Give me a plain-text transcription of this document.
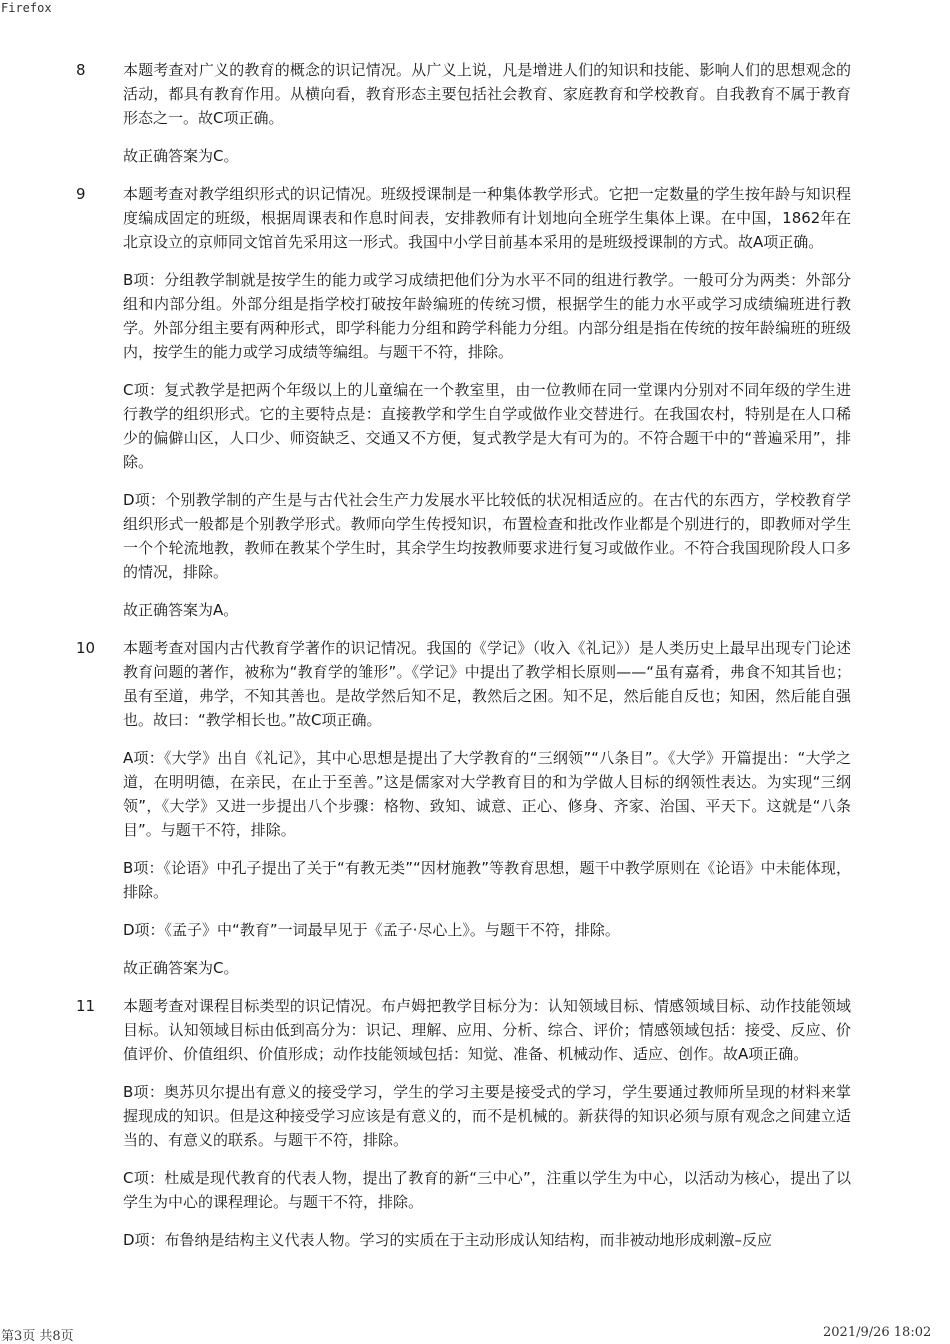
Firefox
8 本题考查对广义的教育的概念的识记情况。从广义上说，凡是增进人们的知识和技能、影响人们的思想观念的活动，都具有教育作用。从横向看，教育形态主要包括社会教育、家庭教育和学校教育。自我教育不属于教育形态之一。故C项正确。

故正确答案为C。

9 本题考查对教学组织形式的识记情况。班级授课制是一种集体教学形式。它把一定数量的学生按年龄与知识程度编成固定的班级，根据周课表和作息时间表，安排教师有计划地向全班学生集体上课。在中国，1862年在北京设立的京师同文馆首先采用这一形式。我国中小学目前基本采用的是班级授课制的方式。故A项正确。

B项：分组教学制就是按学生的能力或学习成绩把他们分为水平不同的组进行教学。一般可分为两类：外部分组和内部分组。外部分组是指学校打破按年龄编班的传统习惯，根据学生的能力水平或学习成绩编班进行教学。外部分组主要有两种形式，即学科能力分组和跨学科能力分组。内部分组是指在传统的按年龄编班的班级内，按学生的能力或学习成绩等编组。与题干不符，排除。

C项：复式教学是把两个年级以上的儿童编在一个教室里，由一位教师在同一堂课内分别对不同年级的学生进行教学的组织形式。它的主要特点是：直接教学和学生自学或做作业交替进行。在我国农村，特别是在人口稀少的偏僻山区，人口少、师资缺乏、交通又不方便，复式教学是大有可为的。不符合题干中的“普遍采用”，排除。

D项：个别教学制的产生是与古代社会生产力发展水平比较低的状况相适应的。在古代的东西方，学校教育学组织形式一般都是个别教学形式。教师向学生传授知识，布置检查和批改作业都是个别进行的，即教师对学生一个个轮流地教，教师在教某个学生时，其余学生均按教师要求进行复习或做作业。不符合我国现阶段人口多的情况，排除。

故正确答案为A。

10 本题考查对国内古代教育学著作的识记情况。我国的《学记》（收入《礼记》）是人类历史上最早出现专门论述教育问题的著作，被称为“教育学的雏形”。《学记》中提出了教学相长原则——“虽有嘉肴，弗食不知其旨也；虽有至道，弗学，不知其善也。是故学然后知不足，教然后之困。知不足，然后能自反也；知困，然后能自强也。故曰：“教学相长也。”故C项正确。

A项：《大学》出自《礼记》，其中心思想是提出了大学教育的“三纲领”“八条目”。《大学》开篇提出：“大学之道，在明明德，在亲民，在止于至善。”这是儒家对大学教育目的和为学做人目标的纲领性表达。为实现“三纲领”，《大学》又进一步提出八个步骤：格物、致知、诚意、正心、修身、齐家、治国、平天下。这就是“八条目”。与题干不符，排除。

B项：《论语》中孔子提出了关于“有教无类”“因材施教”等教育思想，题干中教学原则在《论语》中未能体现，排除。

D项：《孟子》中“教育”一词最早见于《孟子·尽心上》。与题干不符，排除。

故正确答案为C。

11 本题考查对课程目标类型的识记情况。布卢姆把教学目标分为：认知领域目标、情感领域目标、动作技能领域目标。认知领域目标由低到高分为：识记、理解、应用、分析、综合、评价；情感领域包括：接受、反应、价值评价、价值组织、价值形成；动作技能领域包括：知觉、准备、机械动作、适应、创作。故A项正确。

B项：奥苏贝尔提出有意义的接受学习，学生的学习主要是接受式的学习，学生要通过教师所呈现的材料来掌握现成的知识。但是这种接受学习应该是有意义的，而不是机械的。新获得的知识必须与原有观念之间建立适当的、有意义的联系。与题干不符，排除。

C项：杜威是现代教育的代表人物，提出了教育的新“三中心”，注重以学生为中心，以活动为核心，提出了以学生为中心的课程理论。与题干不符，排除。

D项：布鲁纳是结构主义代表人物。学习的实质在于主动形成认知结构，而非被动地形成刺激–反应

第3页 共8页	2021/9/26 18:02
